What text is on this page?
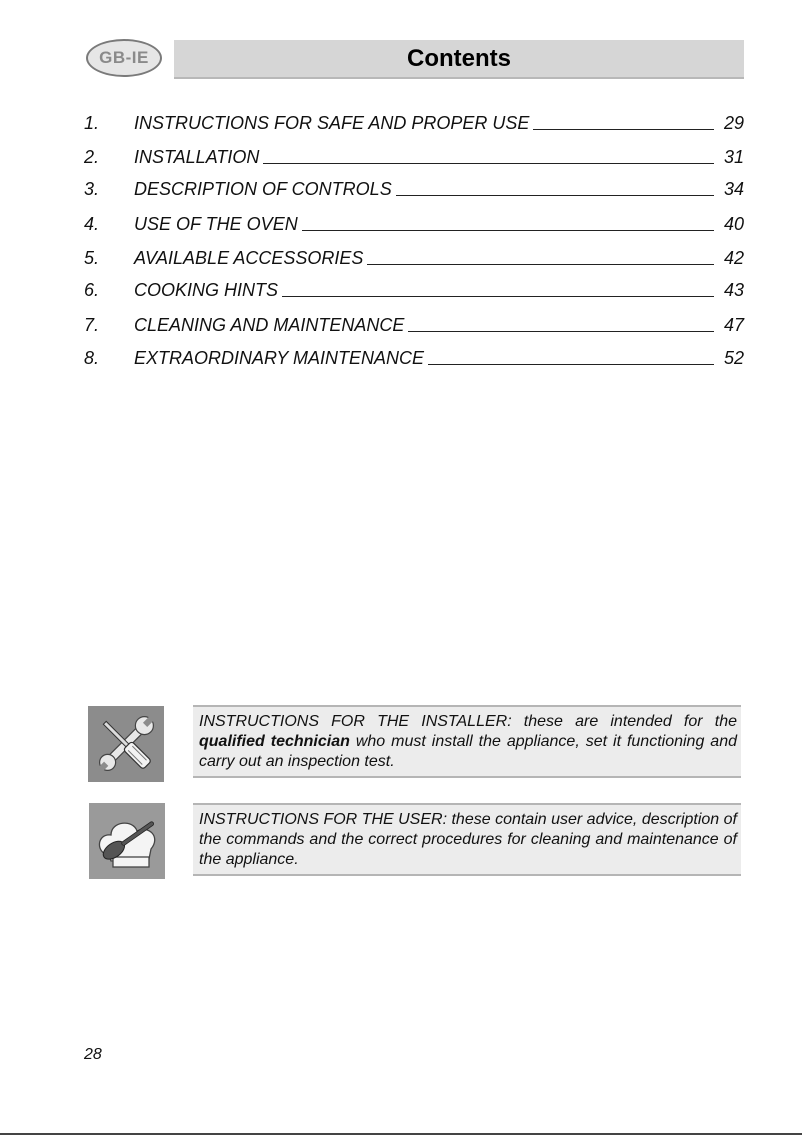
GB-IE	Contents
1.	INSTRUCTIONS FOR SAFE AND PROPER USE	29
2.	INSTALLATION	31
3.	DESCRIPTION OF CONTROLS	34
4.	USE OF THE OVEN	40
5.	AVAILABLE ACCESSORIES	42
6.	COOKING HINTS	43
7.	CLEANING AND MAINTENANCE	47
8.	EXTRAORDINARY MAINTENANCE	52
INSTRUCTIONS FOR THE INSTALLER: these are intended for the qualified technician who must install the appliance, set it functioning and carry out an inspection test.
INSTRUCTIONS FOR THE USER: these contain user advice, description of the commands and the correct procedures for cleaning and maintenance of the appliance.
28
